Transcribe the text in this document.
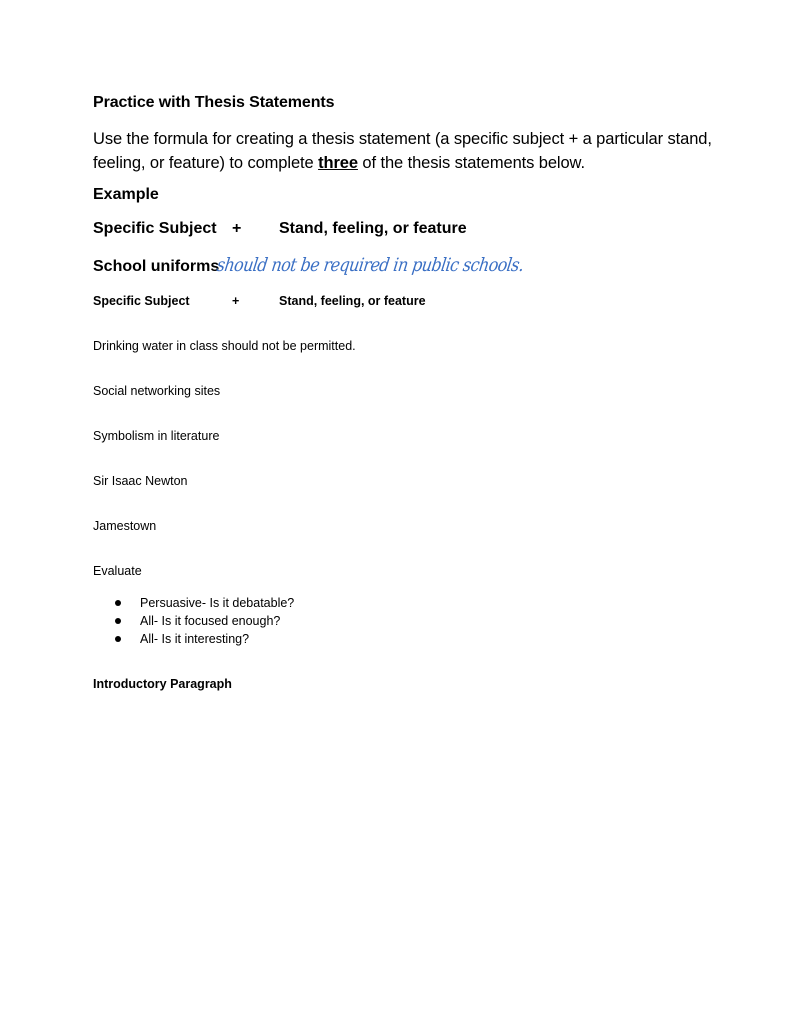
Practice with Thesis Statements

Use the formula for creating a thesis statement (a specific subject + a particular stand, feeling, or feature) to complete three of the thesis statements below.

Example
Specific Subject + Stand, feeling, or feature
School uniforms
should not be required in public schools.
Specific Subject	+	Stand, feeling, or feature

Drinking water in class should not be permitted.

Social networking sites

Symbolism in literature

Sir Isaac Newton

Jamestown

Evaluate

Persuasive- Is it debatable?
All- Is it focused enough?
All- Is it interesting?

Introductory Paragraph
